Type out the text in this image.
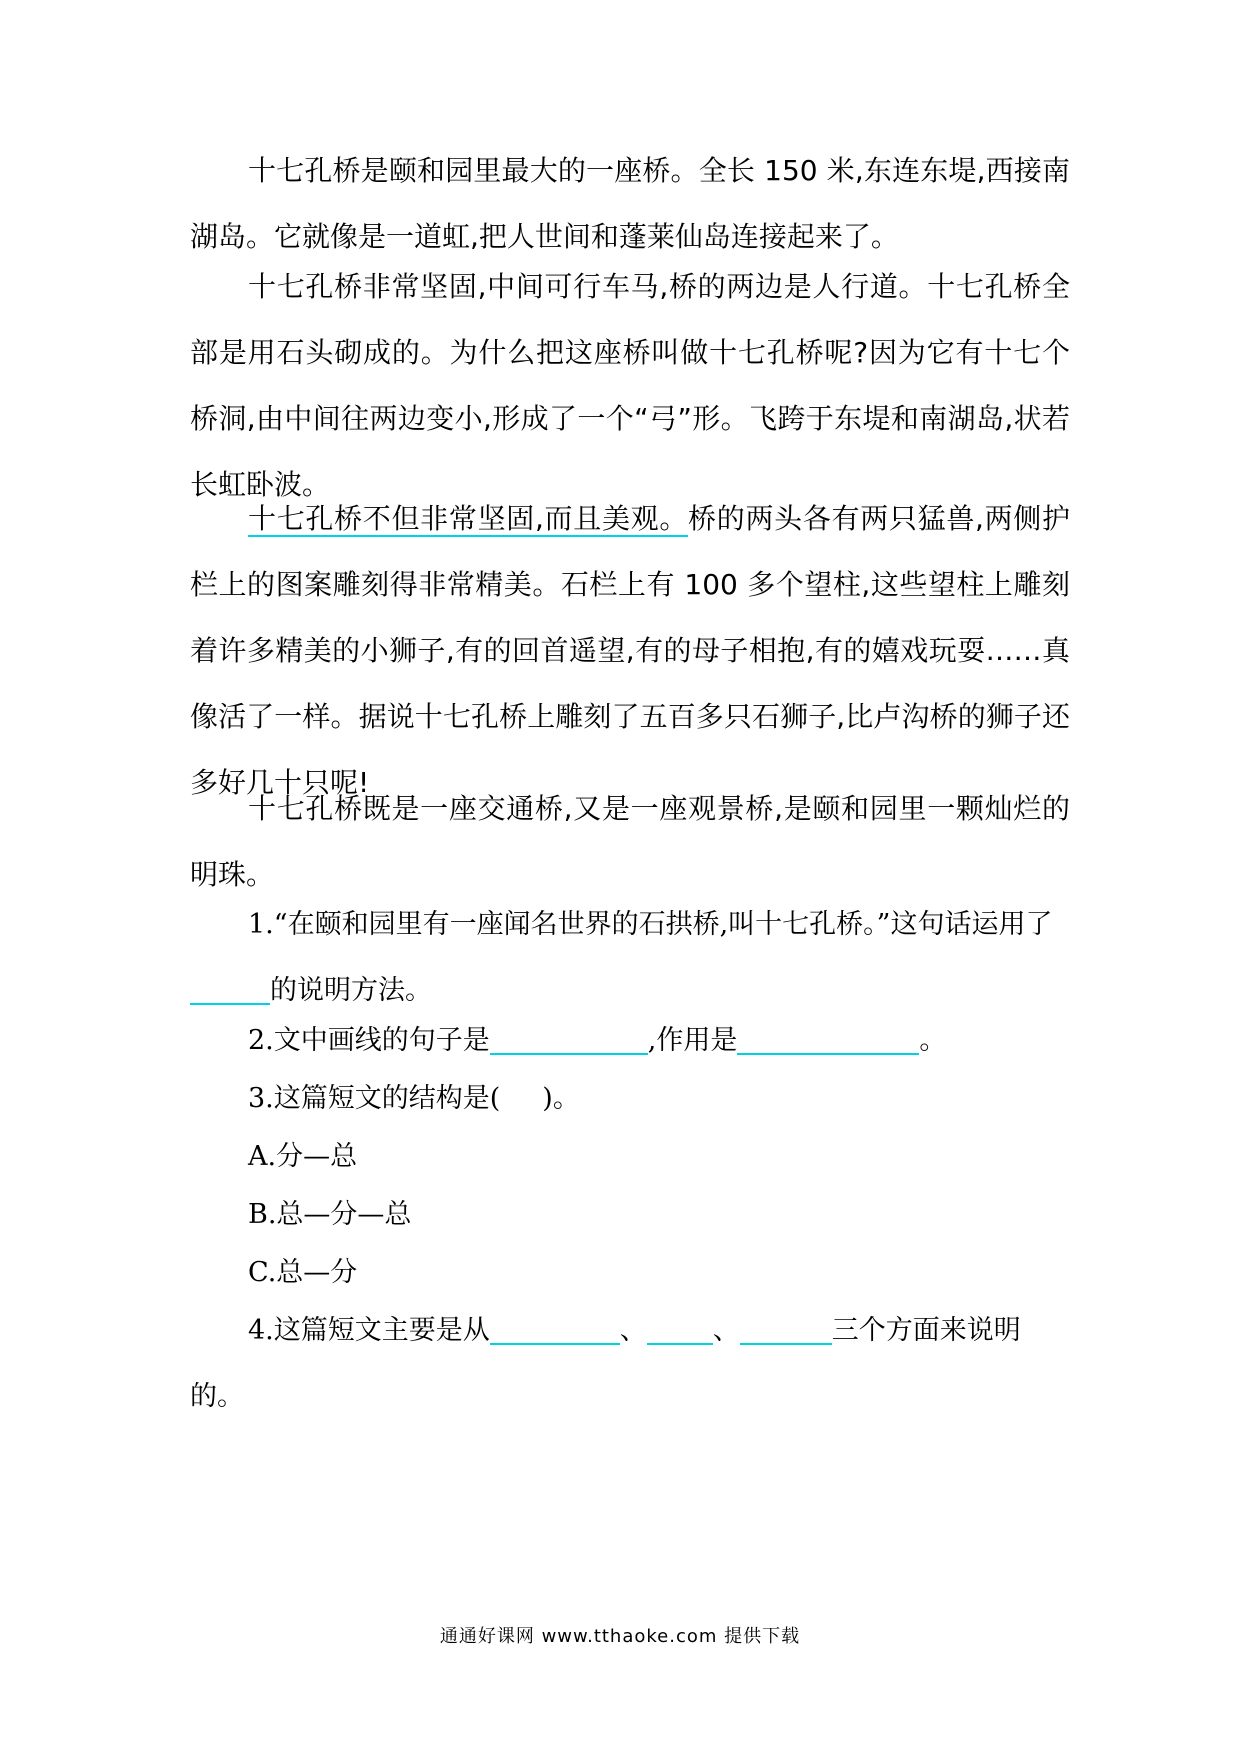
十七孔桥是颐和园里最大的一座桥。全长 150 米,东连东堤,西接南湖岛。它就像是一道虹,把人世间和蓬莱仙岛连接起来了。

十七孔桥非常坚固,中间可行车马,桥的两边是人行道。十七孔桥全部是用石头砌成的。为什么把这座桥叫做十七孔桥呢?因为它有十七个桥洞,由中间往两边变小,形成了一个“弓”形。飞跨于东堤和南湖岛,状若长虹卧波。

十七孔桥不但非常坚固,而且美观。桥的两头各有两只猛兽,两侧护栏上的图案雕刻得非常精美。石栏上有 100 多个望柱,这些望柱上雕刻着许多精美的小狮子,有的回首遥望,有的母子相抱,有的嬉戏玩耍……真像活了一样。据说十七孔桥上雕刻了五百多只石狮子,比卢沟桥的狮子还多好几十只呢!

十七孔桥既是一座交通桥,又是一座观景桥,是颐和园里一颗灿烂的明珠。

1.“在颐和园里有一座闻名世界的石拱桥,叫十七孔桥。”这句话运用了的说明方法。

2.文中画线的句子是	,作用是	。

3.这篇短文的结构是( )。

A.分—总

B.总—分—总

C.总—分

4.这篇短文主要是从	、 、	三个方面来说明的。

通通好课网 www.tthaoke.com 提供下载
